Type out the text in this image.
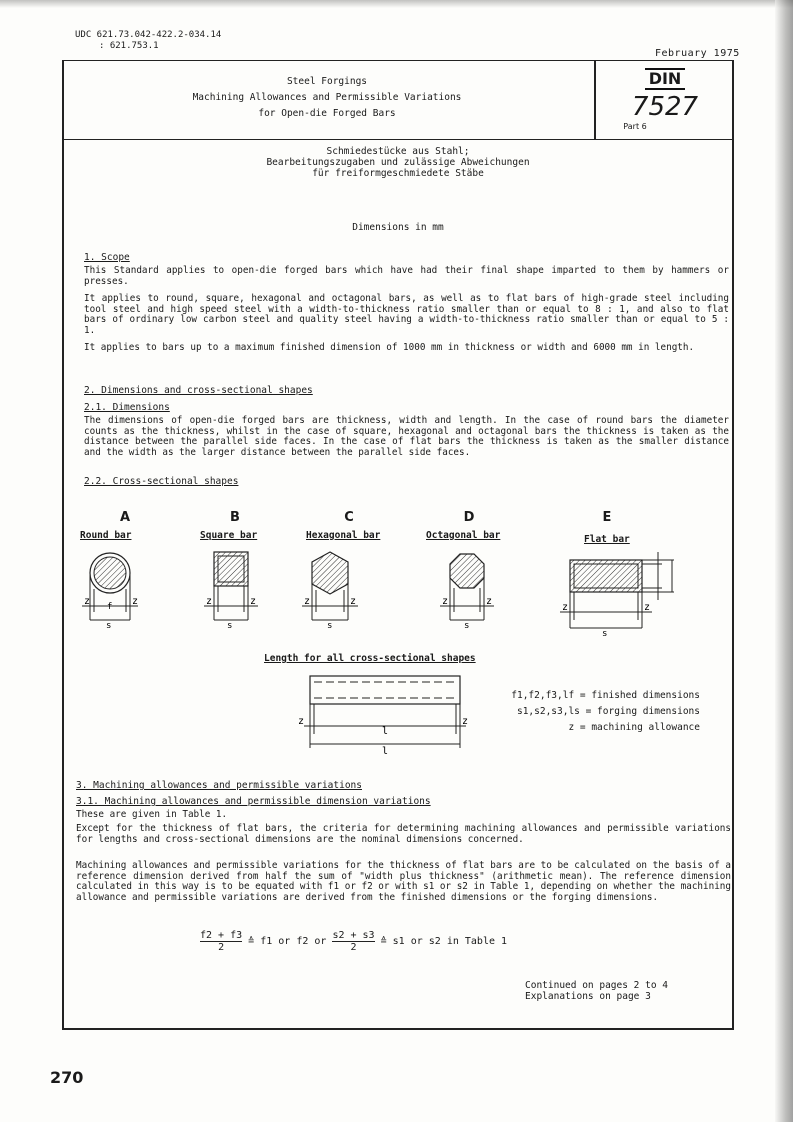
UDC 621.73.042-422.2-034.14
: 621.753.1
February 1975
Steel Forgings
Machining Allowances and Permissible Variations
for Open-die Forged Bars
DIN
7527
Part 6
Schmiedestücke aus Stahl;
Bearbeitungszugaben und zulässige Abweichungen
für freiformgeschmiedete Stäbe
Dimensions in mm
1. Scope
This Standard applies to open-die forged bars which have had their final shape imparted to them by hammers or presses.
It applies to round, square, hexagonal and octagonal bars, as well as to flat bars of high-grade steel including tool steel and high speed steel with a width-to-thickness ratio smaller than or equal to 8 : 1, and also to flat bars of ordinary low carbon steel and quality steel having a width-to-thickness ratio smaller than or equal to 5 : 1.
It applies to bars up to a maximum finished dimension of 1000 mm in thickness or width and 6000 mm in length.
2. Dimensions and cross-sectional shapes
2.1. Dimensions
The dimensions of open-die forged bars are thickness, width and length. In the case of round bars the diameter counts as the thickness, whilst in the case of square, hexagonal and octagonal bars the thickness is taken as the distance between the parallel side faces. In the case of flat bars the thickness is taken as the smaller distance and the width as the larger distance between the parallel side faces.
2.2. Cross-sectional shapes
A
Round bar
B
Square bar
C
Hexagonal bar
D
Octagonal bar
E
Flat bar
z	z
f
s
z	z
s
z	z
s
z	z
s
z	z
s
Length for all cross-sectional shapes
z	z
l
l
f1,f2,f3,lf = finished dimensions
s1,s2,s3,ls = forging dimensions
z = machining allowance
3. Machining allowances and permissible variations
3.1. Machining allowances and permissible dimension variations
These are given in Table 1.
Except for the thickness of flat bars, the criteria for determining machining allowances and permissible variations for lengths and cross-sectional dimensions are the nominal dimensions concerned.
Machining allowances and permissible variations for the thickness of flat bars are to be calculated on the basis of a reference dimension derived from half the sum of "width plus thickness" (arithmetic mean). The reference dimension calculated in this way is to be equated with f1 or f2 or with s1 or s2 in Table 1, depending on whether the machining allowance and permissible variations are derived from the finished dimensions or the forging dimensions.
f2 + f3
2
≙ f1 or f2 or
s2 + s3
2
≙ s1 or s2 in Table 1
Continued on pages 2 to 4
Explanations on page 3
270
